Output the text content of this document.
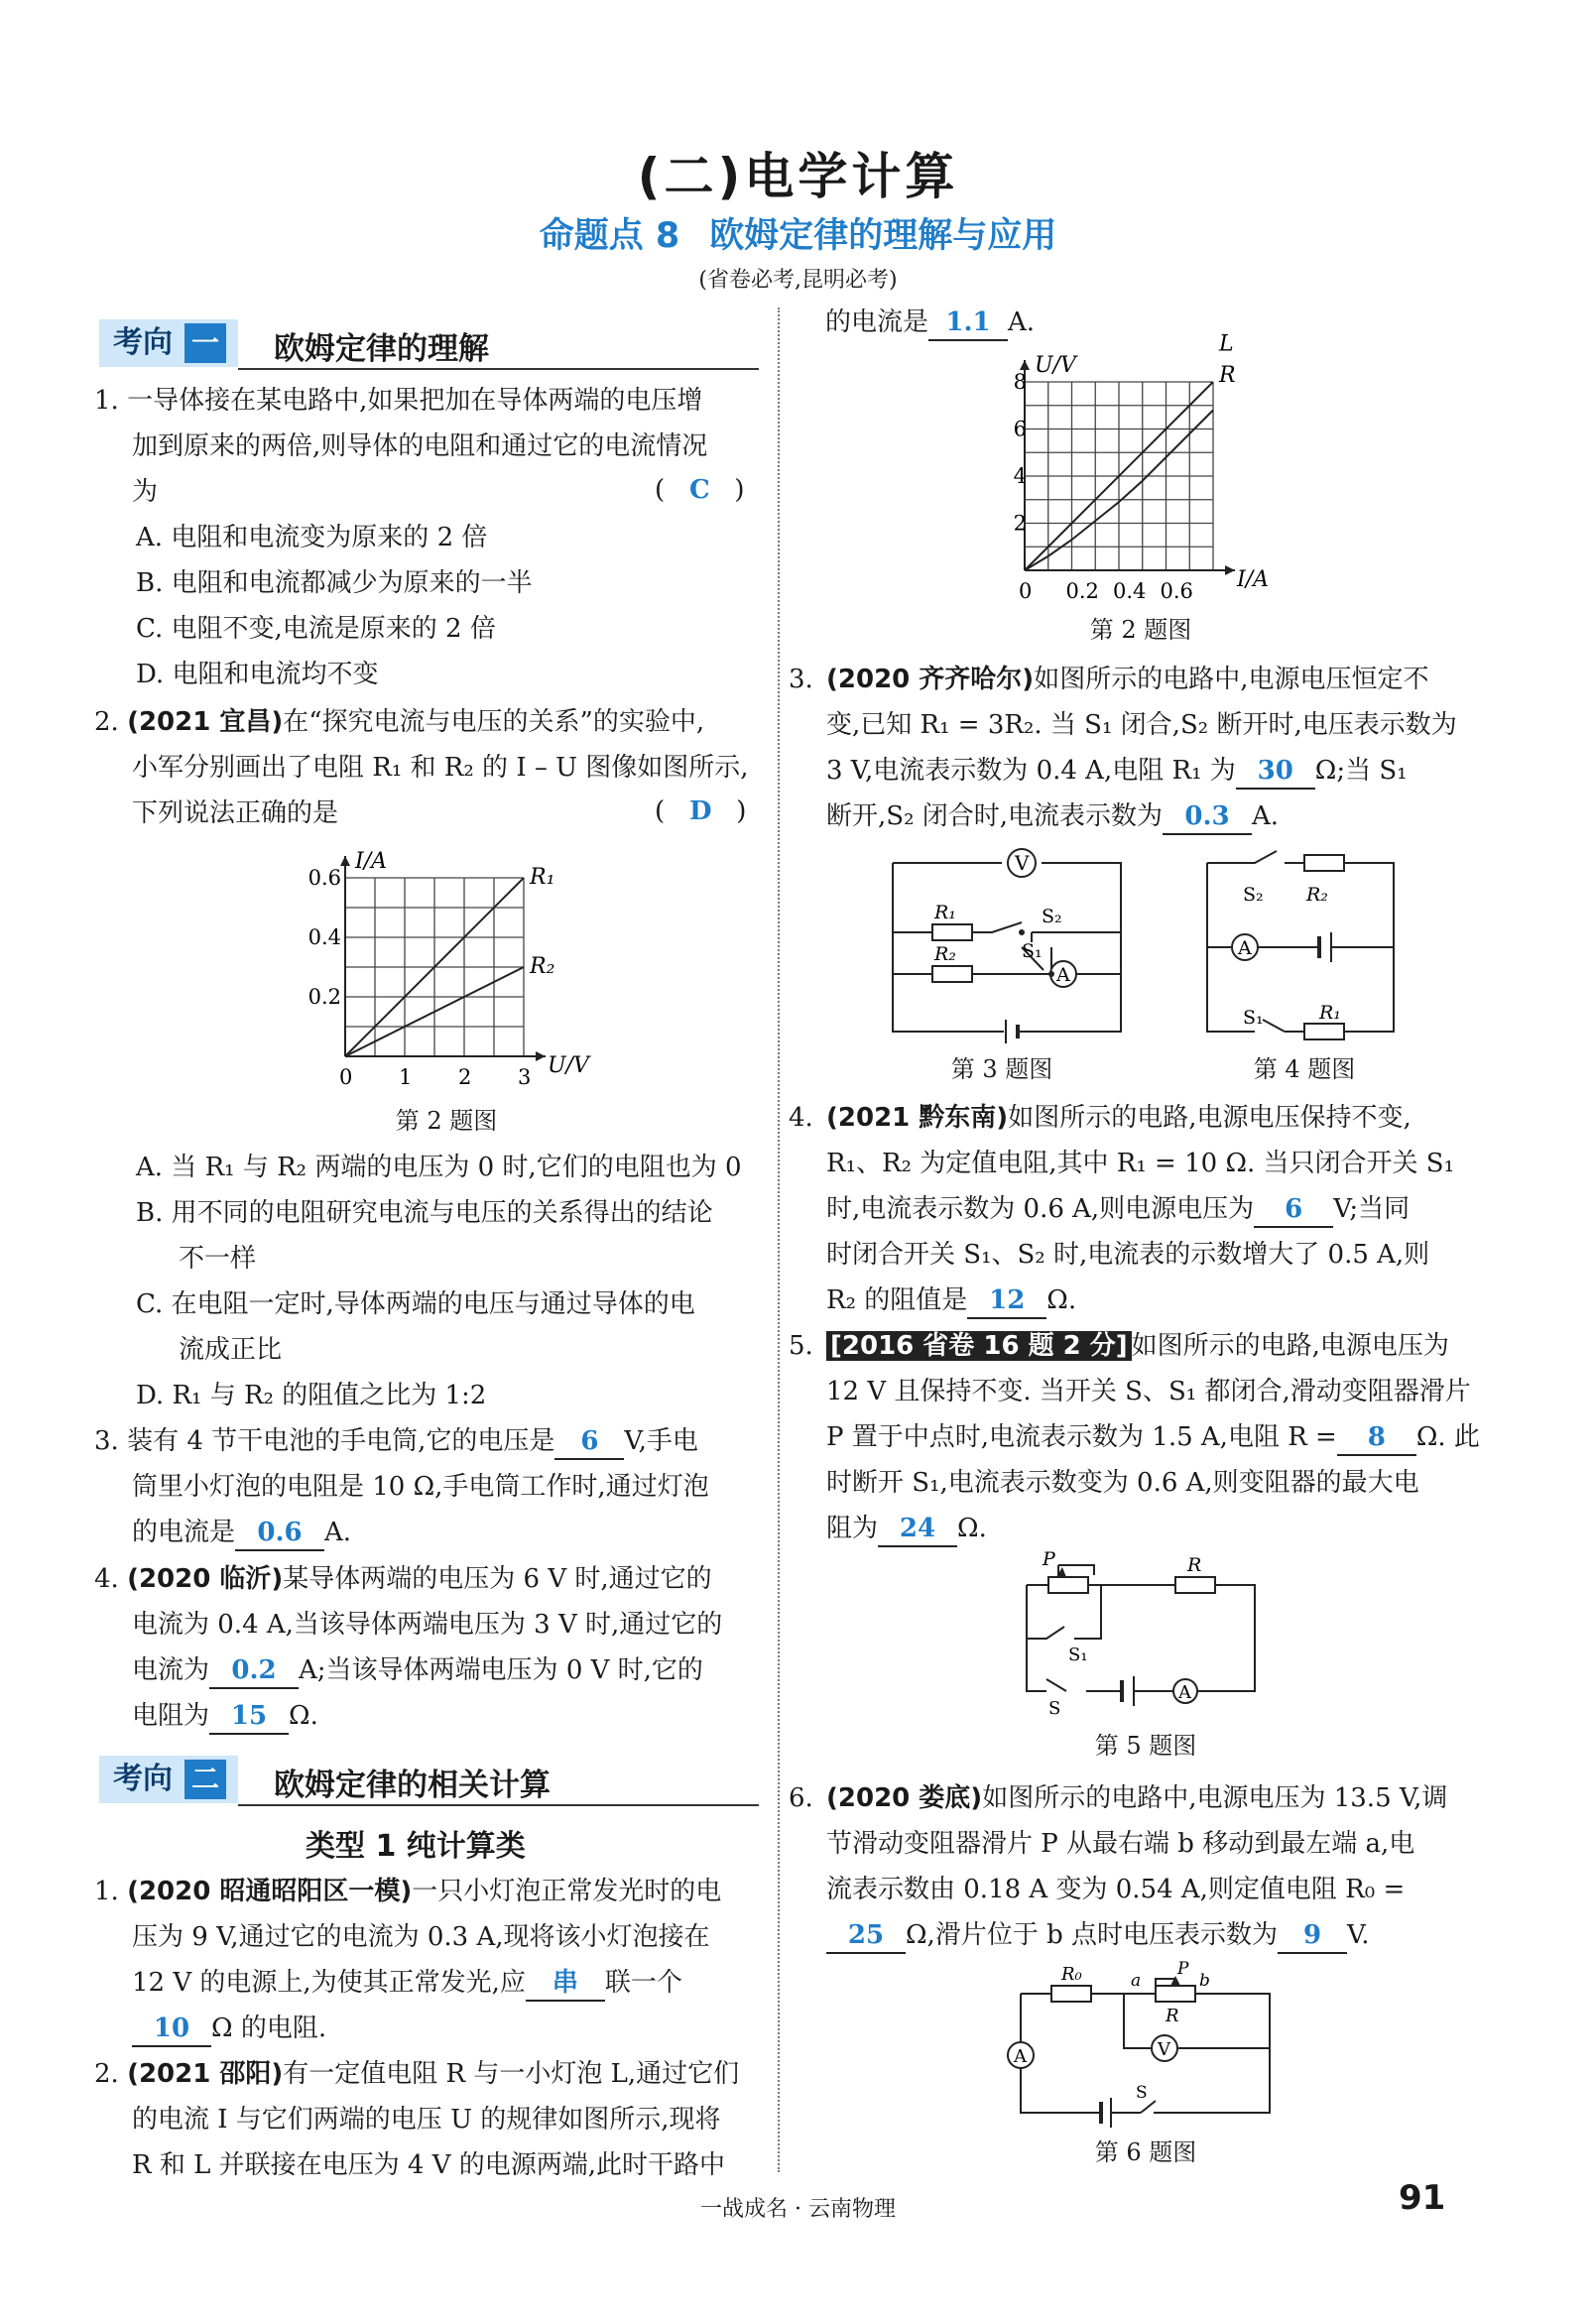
(二)电学计算
命题点 8 欧姆定律的理解与应用
(省卷必考,昆明必考)
考向 一 欧姆定律的理解
1. 一导体接在某电路中,如果把加在导体两端的电压增
加到原来的两倍,则导体的电阻和通过它的电流情况
为	(   C   )
A. 电阻和电流变为原来的 2 倍
B. 电阻和电流都减少为原来的一半
C. 电阻不变,电流是原来的 2 倍
D. 电阻和电流均不变
2. (2021 宜昌)在“探究电流与电压的关系”的实验中,
小军分别画出了电阻 R₁ 和 R₂ 的 I – U 图像如图所示,
下列说法正确的是	(   D   )
R₁
R₂
0 1 2 3
0.2
0.4
0.6
U/V
I/A
第 2 题图
A. 当 R₁ 与 R₂ 两端的电压为 0 时,它们的电阻也为 0
B. 用不同的电阻研究电流与电压的关系得出的结论
不一样
C. 在电阻一定时,导体两端的电压与通过导体的电
流成正比
D. R₁ 与 R₂ 的阻值之比为 1:2
3. 装有 4 节干电池的手电筒,它的电压是 6 V,手电
筒里小灯泡的电阻是 10 Ω,手电筒工作时,通过灯泡
的电流是 0.6 A.
4. (2020 临沂)某导体两端的电压为 6 V 时,通过它的
电流为 0.4 A,当该导体两端电压为 3 V 时,通过它的
电流为 0.2 A;当该导体两端电压为 0 V 时,它的
电阻为 15 Ω.
考向 二 欧姆定律的相关计算
类型 1 纯计算类
1. (2020 昭通昭阳区一模)一只小灯泡正常发光时的电
压为 9 V,通过它的电流为 0.3 A,现将该小灯泡接在
12 V 的电源上,为使其正常发光,应 串 联一个
10 Ω 的电阻.
2. (2021 邵阳)有一定值电阻 R 与一小灯泡 L,通过它们
的电流 I 与它们两端的电压 U 的规律如图所示,现将
R 和 L 并联接在电压为 4 V 的电源两端,此时干路中
的电流是 1.1 A.
R
L
0 0.2 0.4 0.6
2
4
6
8
I/A
U/V
第 2 题图
3. (2020 齐齐哈尔)如图所示的电路中,电源电压恒定不
变,已知 R₁ = 3R₂. 当 S₁ 闭合,S₂ 断开时,电压表示数为
3 V,电流表示数为 0.4 A,电阻 R₁ 为 30 Ω;当 S₁
断开,S₂ 闭合时,电流表示数为 0.3 A.
V
A
R₁
R₂
S₂
S₁
R₂
R₁
S₂
S₁
A
第 3 题图	第 4 题图
4. (2021 黔东南)如图所示的电路,电源电压保持不变,
R₁、R₂ 为定值电阻,其中 R₁ = 10 Ω. 当只闭合开关 S₁
时,电流表示数为 0.6 A,则电源电压为 6 V;当同
时闭合开关 S₁、S₂ 时,电流表的示数增大了 0.5 A,则
R₂ 的阻值是 12 Ω.
5. [2016 省卷 16 题 2 分] 如图所示的电路,电源电压为
12 V 且保持不变. 当开关 S、S₁ 都闭合,滑动变阻器滑片
P 置于中点时,电流表示数为 1.5 A,电阻 R = 8 Ω. 此
时断开 S₁,电流表示数变为 0.6 A,则变阻器的最大电
阻为 24 Ω.
P	R
S₁
S
A
第 5 题图
6. (2020 娄底)如图所示的电路中,电源电压为 13.5 V,调
节滑动变阻器滑片 P 从最右端 b 移动到最左端 a,电
流表示数由 0.18 A 变为 0.54 A,则定值电阻 R₀ =
25 Ω,滑片位于 b 点时电压表示数为 9 V.
R₀	a	b
P
R
V
A
S
第 6 题图
一战成名 · 云南物理	91
